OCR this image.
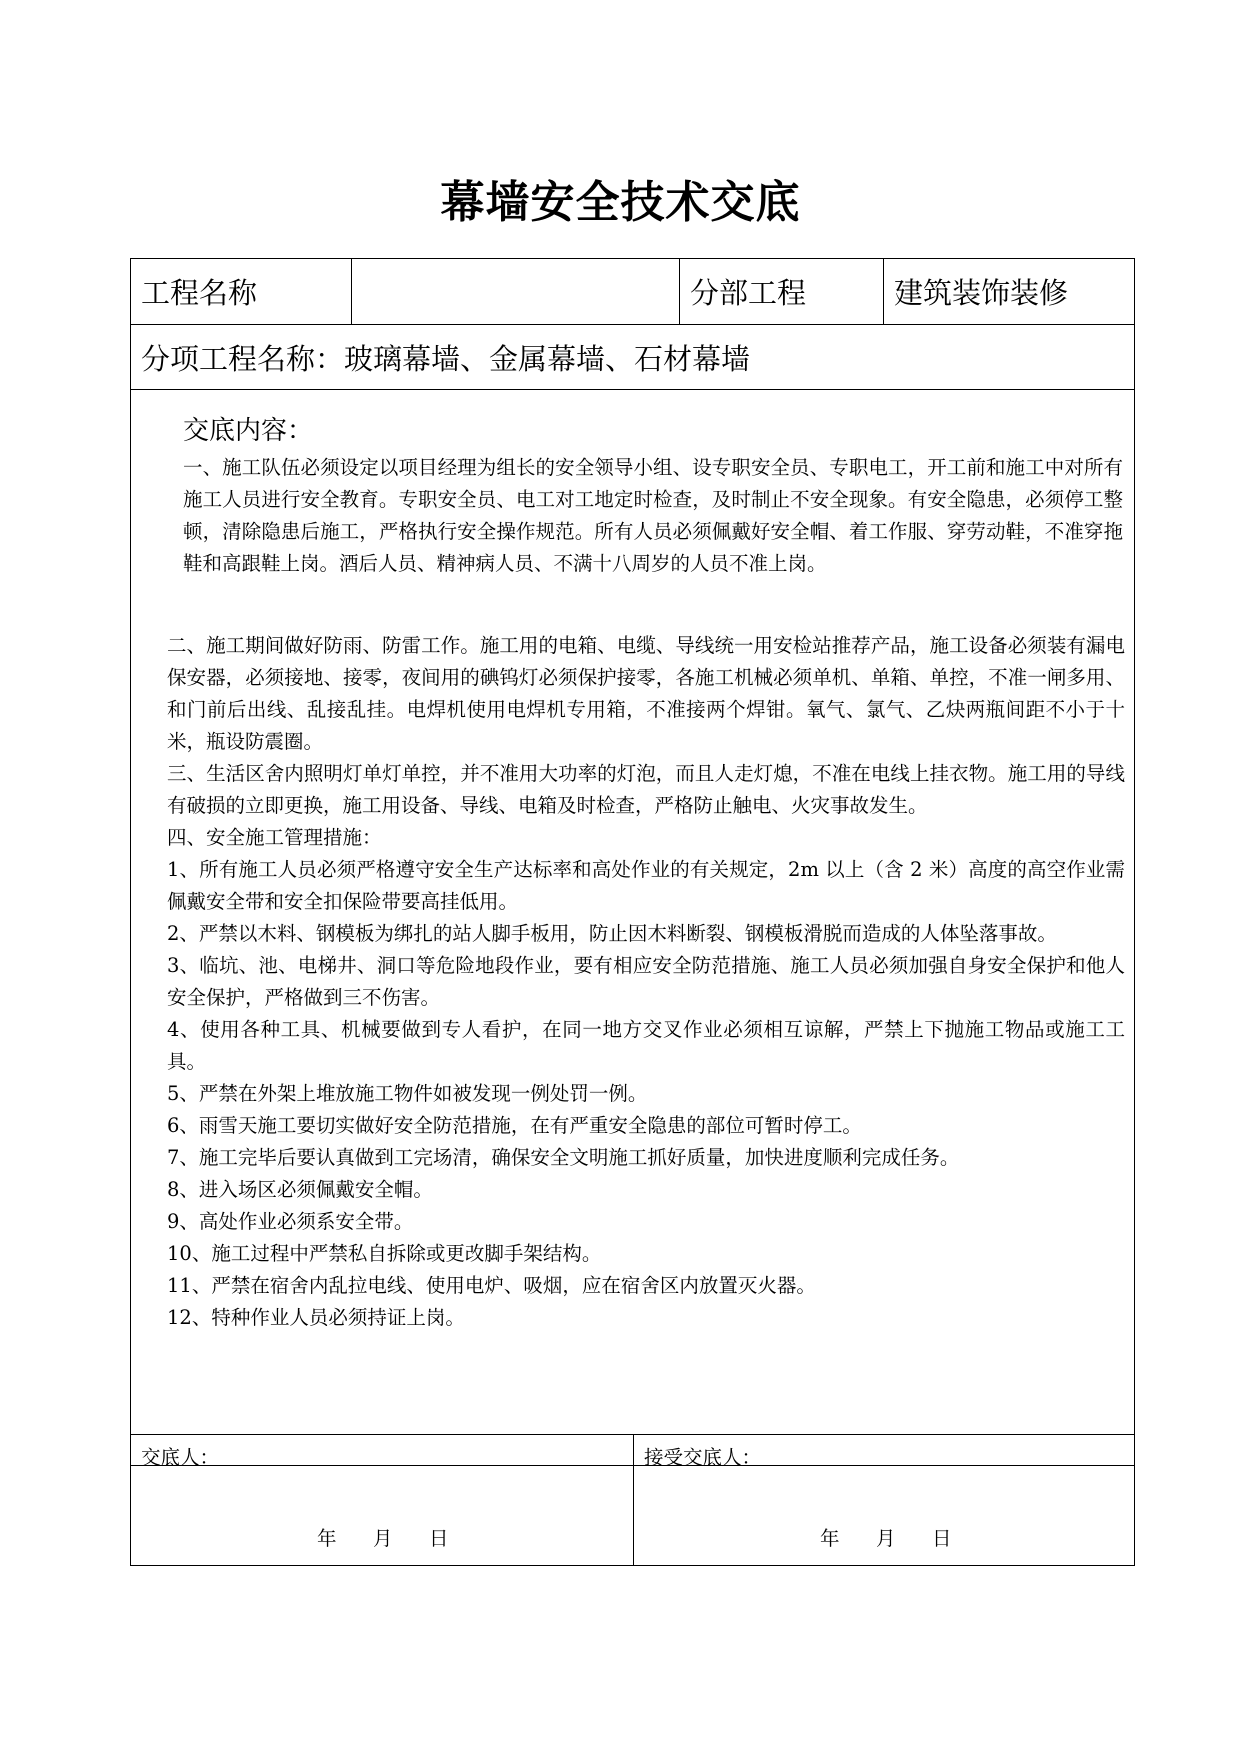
幕墙安全技术交底
工程名称	分部工程	建筑装饰装修
分项工程名称：玻璃幕墙、金属幕墙、石材幕墙
交底内容：
一、施工队伍必须设定以项目经理为组长的安全领导小组、设专职安全员、专职电工，开工前和施工中对所有施工人员进行安全教育。专职安全员、电工对工地定时检查，及时制止不安全现象。有安全隐患，必须停工整顿，清除隐患后施工，严格执行安全操作规范。所有人员必须佩戴好安全帽、着工作服、穿劳动鞋，不准穿拖鞋和高跟鞋上岗。酒后人员、精神病人员、不满十八周岁的人员不准上岗。
二、施工期间做好防雨、防雷工作。施工用的电箱、电缆、导线统一用安检站推荐产品，施工设备必须装有漏电保安器，必须接地、接零，夜间用的碘钨灯必须保护接零，各施工机械必须单机、单箱、单控，不准一闸多用、和门前后出线、乱接乱挂。电焊机使用电焊机专用箱，不准接两个焊钳。氧气、氯气、乙炔两瓶间距不小于十米，瓶设防震圈。
三、生活区舍内照明灯单灯单控，并不准用大功率的灯泡，而且人走灯熄，不准在电线上挂衣物。施工用的导线有破损的立即更换，施工用设备、导线、电箱及时检查，严格防止触电、火灾事故发生。
四、安全施工管理措施：
1、所有施工人员必须严格遵守安全生产达标率和高处作业的有关规定，2m 以上（含 2 米）高度的高空作业需佩戴安全带和安全扣保险带要高挂低用。
2、严禁以木料、钢模板为绑扎的站人脚手板用，防止因木料断裂、钢模板滑脱而造成的人体坠落事故。
3、临坑、池、电梯井、洞口等危险地段作业，要有相应安全防范措施、施工人员必须加强自身安全保护和他人安全保护，严格做到三不伤害。
4、使用各种工具、机械要做到专人看护，在同一地方交叉作业必须相互谅解，严禁上下抛施工物品或施工工具。
5、严禁在外架上堆放施工物件如被发现一例处罚一例。
6、雨雪天施工要切实做好安全防范措施，在有严重安全隐患的部位可暂时停工。
7、施工完毕后要认真做到工完场清，确保安全文明施工抓好质量，加快进度顺利完成任务。
8、进入场区必须佩戴安全帽。
9、高处作业必须系安全带。
10、施工过程中严禁私自拆除或更改脚手架结构。
11、严禁在宿舍内乱拉电线、使用电炉、吸烟，应在宿舍区内放置灭火器。
12、特种作业人员必须持证上岗。
交底人：
年 月 日
接受交底人：
年 月 日
